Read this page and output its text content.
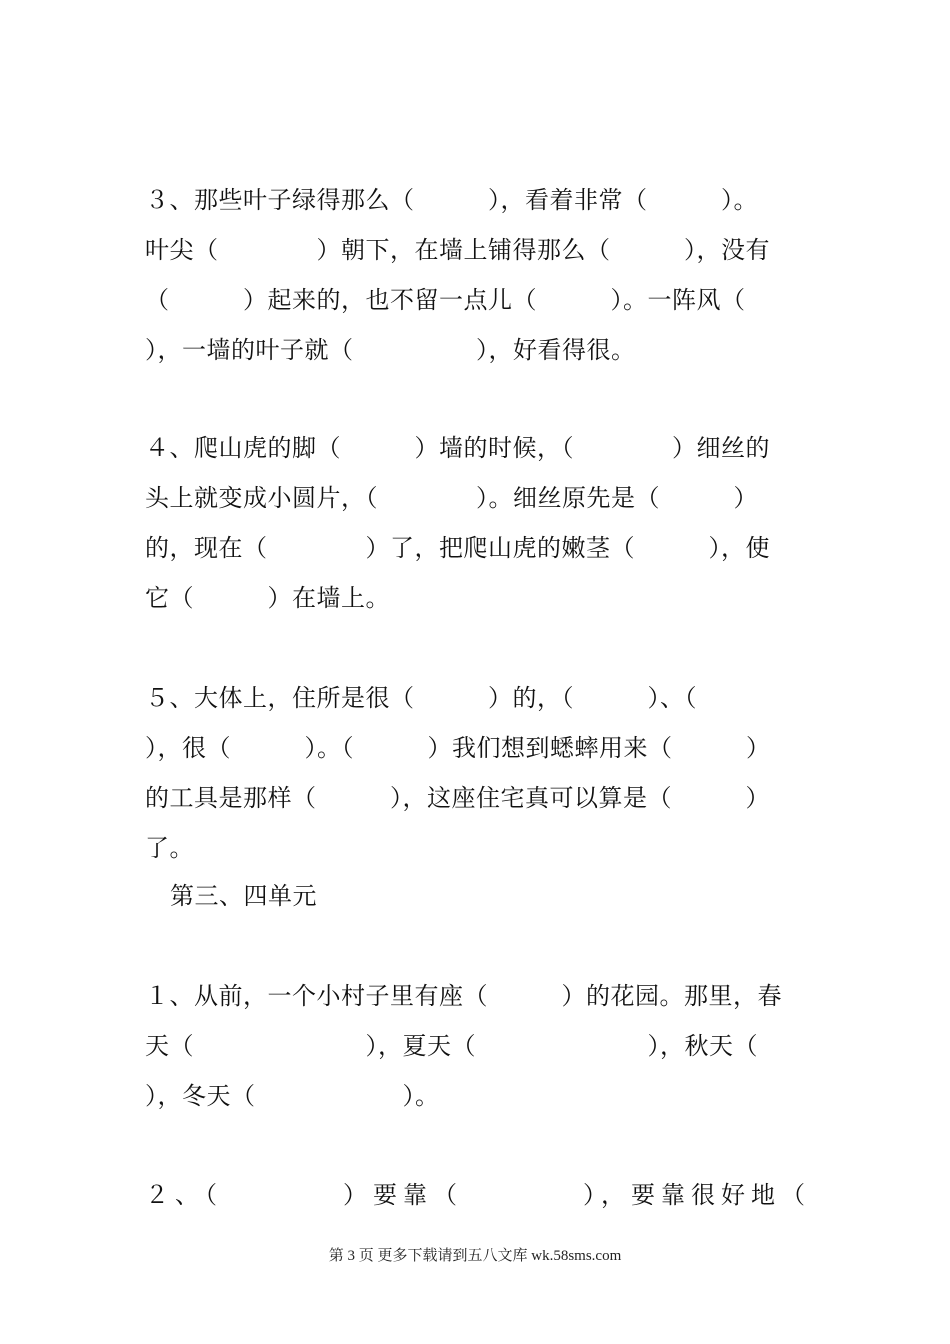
３、那些叶子绿得那么（　　　），看着非常（　　　）。
叶尖（　　　　）朝下，在墙上铺得那么（　　　），没有
（　　　）起来的，也不留一点儿（　　　）。一阵风（
），一墙的叶子就（　　　　　），好看得很。
４、爬山虎的脚（　　　）墙的时候，（　　　　）细丝的
头上就变成小圆片，（　　　　）。细丝原先是（　　　）
的，现在（　　　　）了，把爬山虎的嫩茎（　　　），使
它（　　　）在墙上。
５、大体上，住所是很（　　　）的，（　　　）、（
），很（　　　）。（　　　）我们想到蟋蟀用来（　　　）
的工具是那样（　　　），这座住宅真可以算是（　　　）
了。
第三、四单元
１、从前，一个小村子里有座（　　　）的花园。那里，春
天（　　　　　　　），夏天（　　　　　　　），秋天（
），冬天（　　　　　　）。
２、（　　　　）要靠（　　　　），要靠很好地（
第 3 页 更多下载请到五八文库 wk.58sms.com
